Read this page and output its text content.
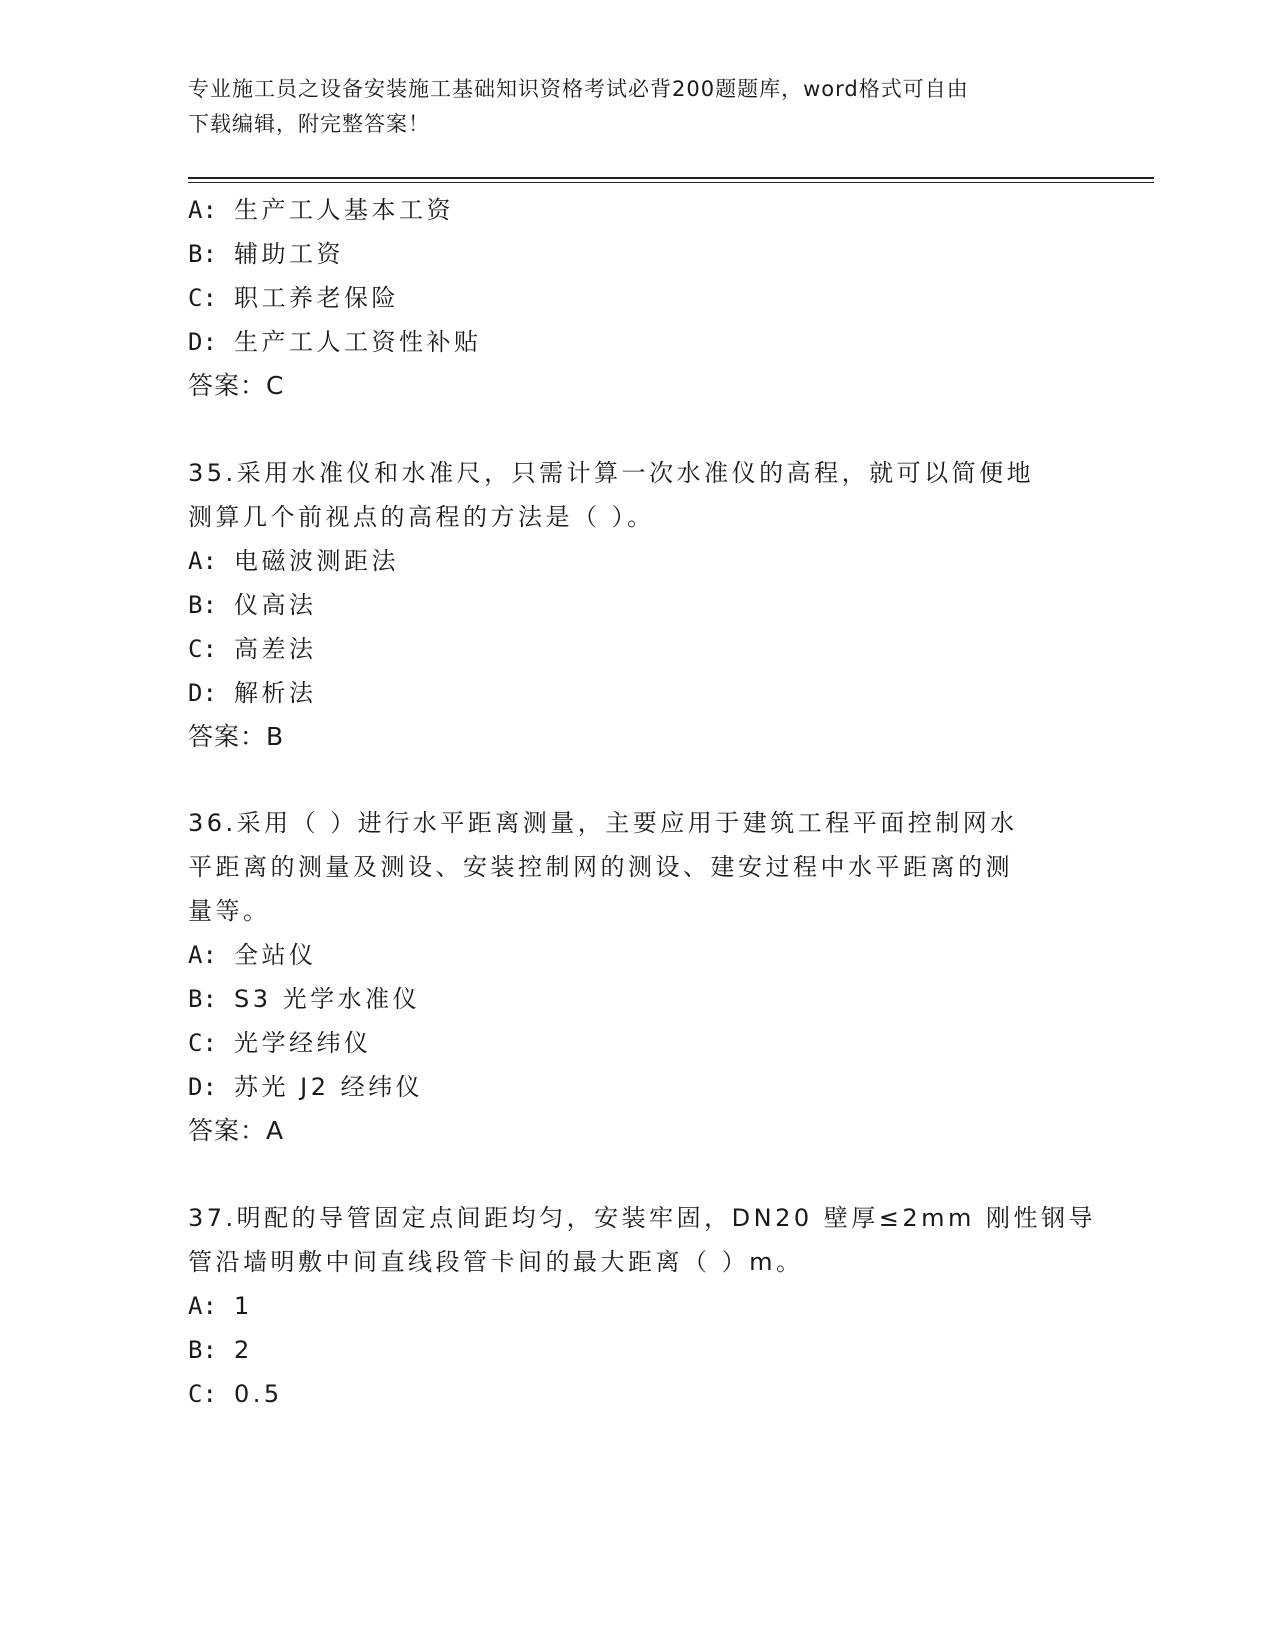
专业施工员之设备安装施工基础知识资格考试必背200题题库，word格式可自由
下载编辑，附完整答案！
A: 生产工人基本工资
B: 辅助工资
C: 职工养老保险
D: 生产工人工资性补贴
答案：C
35.采用水准仪和水准尺，只需计算一次水准仪的高程，就可以简便地
测算几个前视点的高程的方法是（ ）。
A: 电磁波测距法
B: 仪高法
C: 高差法
D: 解析法
答案：B
36.采用（ ）进行水平距离测量，主要应用于建筑工程平面控制网水
平距离的测量及测设、安装控制网的测设、建安过程中水平距离的测
量等。
A: 全站仪
B: S3 光学水准仪
C: 光学经纬仪
D: 苏光 J2 经纬仪
答案：A
37.明配的导管固定点间距均匀，安装牢固，DN20 壁厚≤2mm 刚性钢导
管沿墙明敷中间直线段管卡间的最大距离（ ）m。
A: 1
B: 2
C: 0.5
